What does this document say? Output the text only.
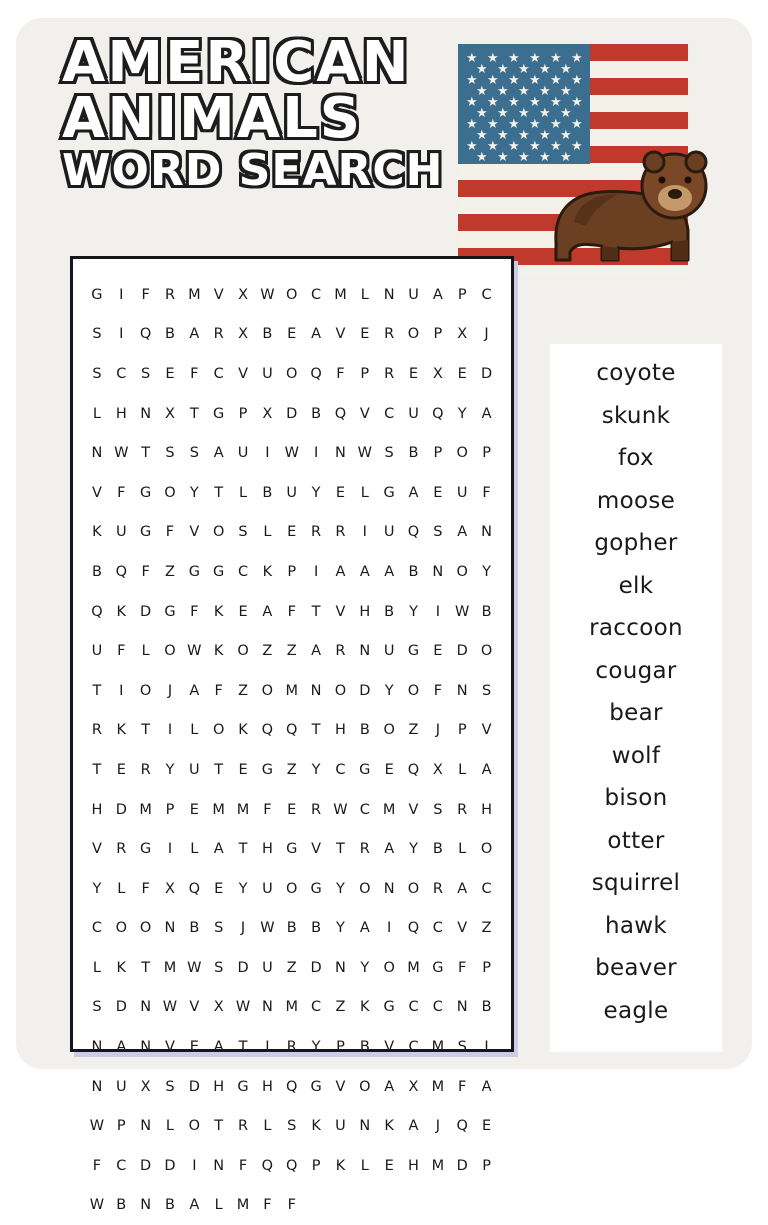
AMERICAN
ANIMALS
WORD SEARCH
★ ★ ★ ★ ★ ★
★ ★ ★ ★ ★
★ ★ ★ ★ ★ ★
★ ★ ★ ★ ★
★ ★ ★ ★ ★ ★
★ ★ ★ ★ ★
★ ★ ★ ★ ★ ★
★ ★ ★ ★ ★
★ ★ ★ ★ ★ ★
★ ★ ★ ★ ★
G	I	F	R M V X W O C M L N U A	P C
S	I	Q B A R X B E A V E R O P	X	J
S C S	E	F	C V U O Q F	P R E X E D
L H N X T G P	X D B Q V C U Q Y A
N W T	S	S A U	I	W	I	N W S B	P O P
V	F G O Y	T	L	B U Y	E	L G A E U F
K U G F	V O S	L	E R R	I	U Q S A N
B Q F	Z G G C K	P	I	A A A B N O Y
Q K D G F	K	E A	F	T V H B Y	I	W B
U F	L O W K O Z Z A R N U G E D O
T	I	O	J	A	F	Z O M N O D Y O F N S
R K	T	I	L O K Q Q T H B O Z	J	P	V
T	E R Y U T	E G Z Y C G E Q X	L	A
H D M P	E M M F	E R W C M V S R H
V R G	I	L	A T H G V T R A Y B	L O
Y	L	F	X Q E	Y U O G Y O N O R A C
C O O N B S	J	W B B Y A	I	Q C V Z
L	K	T M W S D U Z D N Y O M G F	P
S D N W V X W N M C Z K G C C N B
N A N V E A T	I	R Y	P	B V C M S	I
N U X S D H G H Q G V O A X M F	A
W P N L O T R	L	S K U N K A	J	Q E
F	C D D	I	N F Q Q P	K	L	E H M D P
W B N B A	L M F	F
coyote
skunk
fox
moose
gopher
elk
raccoon
cougar
bear
wolf
bison
otter
squirrel
hawk
beaver
eagle
